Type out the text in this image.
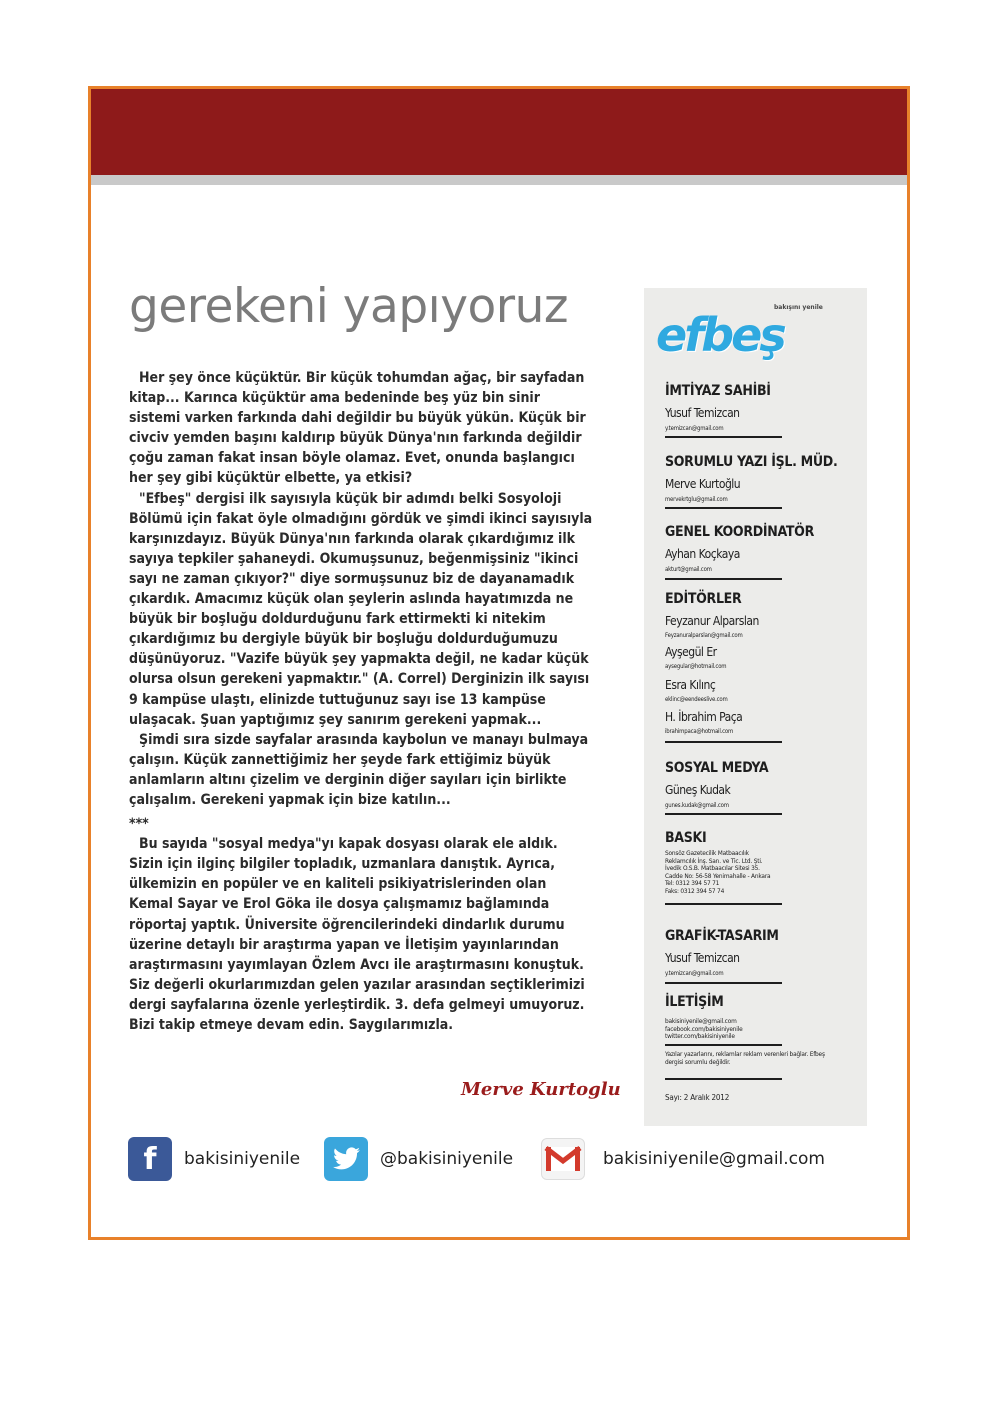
gerekeni yapıyoruz

Her şey önce küçüktür. Bir küçük tohumdan ağaç, bir sayfadan kitap... Karınca küçüktür ama bedeninde beş yüz bin sinir sistemi varken farkında dahi değildir bu büyük yükün. Küçük bir civciv yemden başını kaldırıp büyük Dünya'nın farkında değildir çoğu zaman fakat insan böyle olamaz. Evet, onunda başlangıcı her şey gibi küçüktür elbette, ya etkisi?

"Efbeş" dergisi ilk sayısıyla küçük bir adımdı belki Sosyoloji Bölümü için fakat öyle olmadığını gördük ve şimdi ikinci sayısıyla karşınızdayız. Büyük Dünya'nın farkında olarak çıkardığımız ilk sayıya tepkiler şahaneydi. Okumuşsunuz, beğenmişsiniz "ikinci sayı ne zaman çıkıyor?" diye sormuşsunuz biz de dayanamadık çıkardık. Amacımız küçük olan şeylerin aslında hayatımızda ne büyük bir boşluğu doldurduğunu fark ettirmekti ki nitekim çıkardığımız bu dergiyle büyük bir boşluğu doldurduğumuzu düşünüyoruz. "Vazife büyük şey yapmakta değil, ne kadar küçük olursa olsun gerekeni yapmaktır." (A. Correl) Derginizin ilk sayısı 9 kampüse ulaştı, elinizde tuttuğunuz sayı ise 13 kampüse ulaşacak. Şuan yaptığımız şey sanırım gerekeni yapmak...

Şimdi sıra sizde sayfalar arasında kaybolun ve manayı bulmaya çalışın. Küçük zannettiğimiz her şeyde fark ettiğimiz büyük anlamların altını çizelim ve derginin diğer sayıları için birlikte çalışalım. Gerekeni yapmak için bize katılın...

***

Bu sayıda "sosyal medya"yı kapak dosyası olarak ele aldık. Sizin için ilginç bilgiler topladık, uzmanlara danıştık. Ayrıca, ülkemizin en popüler ve en kaliteli psikiyatrislerinden olan Kemal Sayar ve Erol Göka ile dosya çalışmamız bağlamında röportaj yaptık. Üniversite öğrencilerindeki dindarlık durumu üzerine detaylı bir araştırma yapan ve İletişim yayınlarından araştırmasını yayımlayan Özlem Avcı ile araştırmasını konuştuk. Siz değerli okurlarımızdan gelen yazılar arasından seçtiklerimizi dergi sayfalarına özenle yerleştirdik. 3. defa gelmeyi umuyoruz. Bizi takip etmeye devam edin. Saygılarımızla.

Merve Kurtoglu
bakışını yenile
efbeş
İMTİYAZ SAHİBİ
Yusuf Temizcan
y.temizcan@gmail.com
SORUMLU YAZI İŞL. MÜD.
Merve Kurtoğlu
mervekrtglu@gmail.com
GENEL KOORDİNATÖR
Ayhan Koçkaya
akturt@gmail.com
EDİTÖRLER
Feyzanur Alparslan
Feyzanuralparslan@gmail.com
Ayşegül Er
aysegular@hotmail.com
Esra Kılınç
eklinc@eendeeslive.com
H. İbrahim Paça
ibrahimpaca@hotmail.com
SOSYAL MEDYA
Güneş Kudak
gunes.kudak@gmail.com
BASKI
Sonsöz Gazetecilik Matbaacılık
Reklamcılık İnş. San. ve Tic. Ltd. Şti.
İvedik O.S.B. Matbaacılar Sitesi 35.
Cadde No: 56-58 Yenimahalle - Ankara
Tel: 0312 394 57 71
Faks: 0312 394 57 74
GRAFİK-TASARIM
Yusuf Temizcan
y.temizcan@gmail.com
İLETİŞİM
bakisiniyenile@gmail.com
facebook.com/bakisiniyenile
twitter.com/bakisiniyenile
Yazılar yazarlarını, reklamlar reklam verenleri bağlar. Efbeş dergisi sorumlu değildir.
Sayı: 2 Aralık 2012
f	bakisiniyenile	@bakisiniyenile	bakisiniyenile@gmail.com
